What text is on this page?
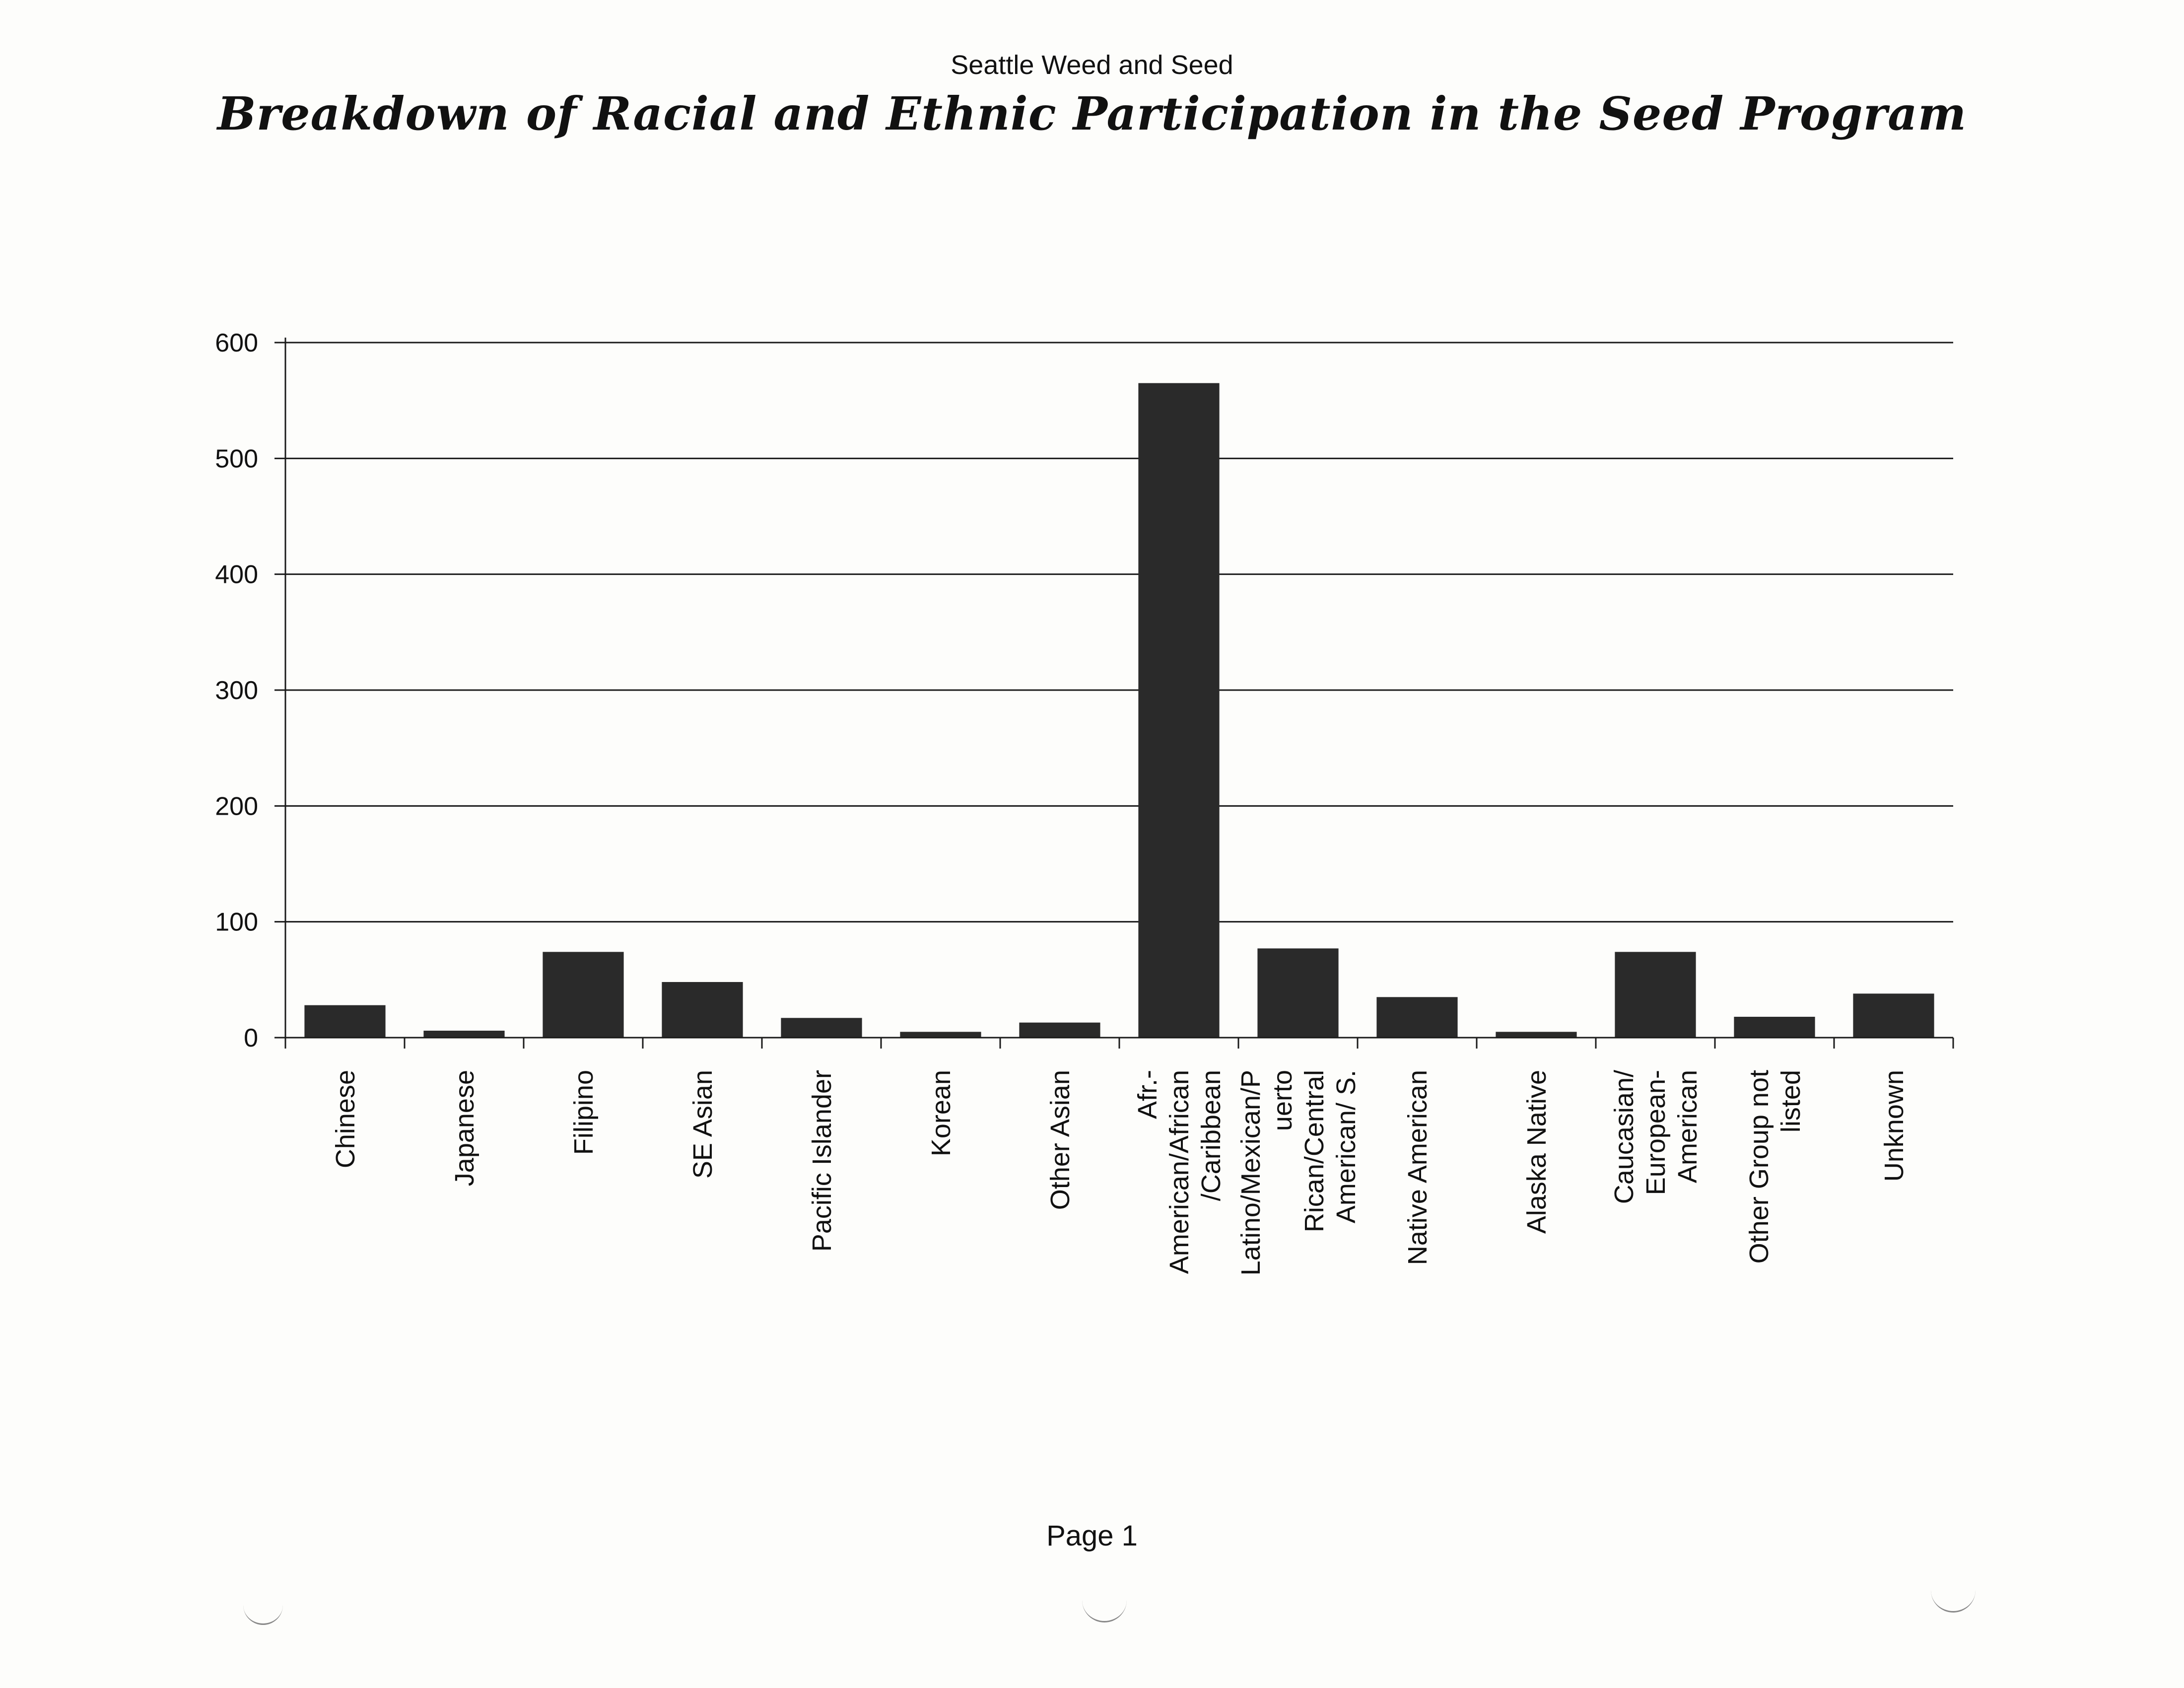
Seattle Weed and Seed
Breakdown of Racial and Ethnic Participation in the Seed Program
0
100
200
300
400
500
600
Chinese	Japanese	Filipino	SE Asian	Pacific Islander	Korean	Other Asian Afr.- American/African /Caribbean Latino/Mexican/P uerto Rican/Central American/ S. Native American	Alaska Native Caucasian/ European- American Other Group not listed	Unknown
Page 1
